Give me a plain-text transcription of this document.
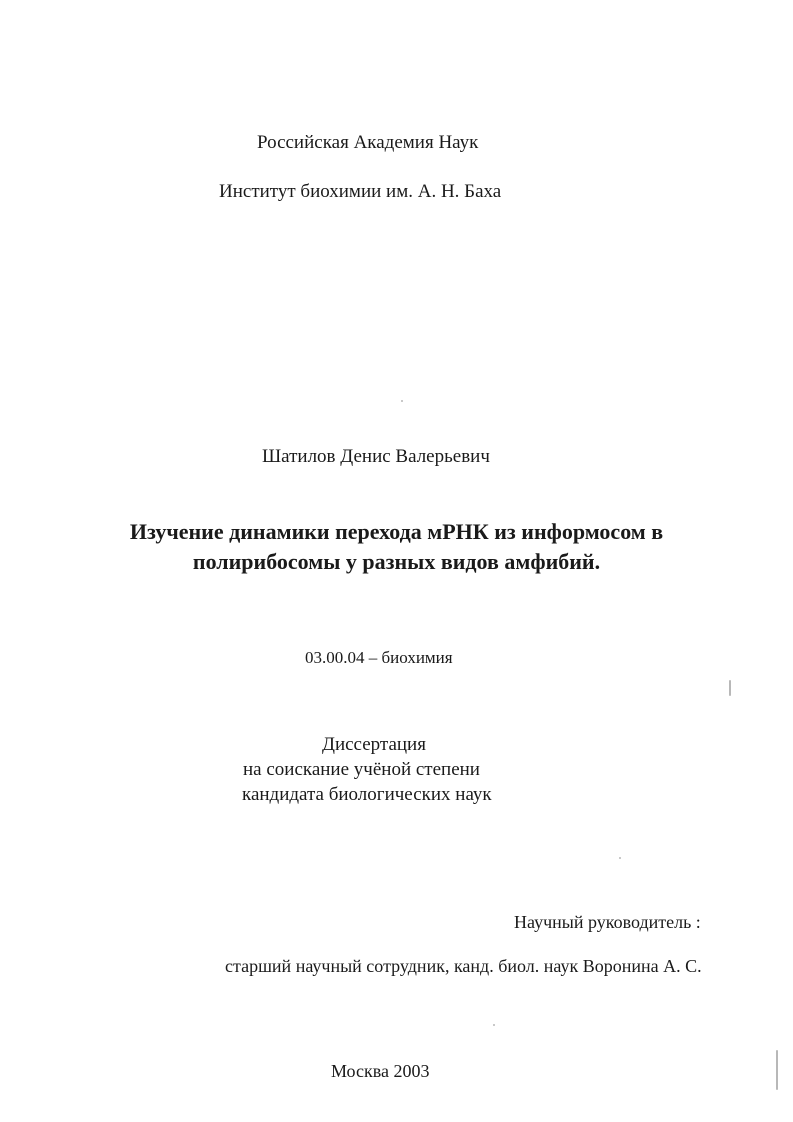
Российская Академия Наук
Институт биохимии им. А. Н. Баха
Шатилов Денис Валерьевич
Изучение динамики перехода мРНК из информосом в
полирибосомы у разных видов амфибий.
03.00.04 – биохимия
Диссертация
на соискание учёной степени
кандидата биологических наук
Научный руководитель :
старший научный сотрудник, канд. биол. наук Воронина А. С.
Москва 2003
